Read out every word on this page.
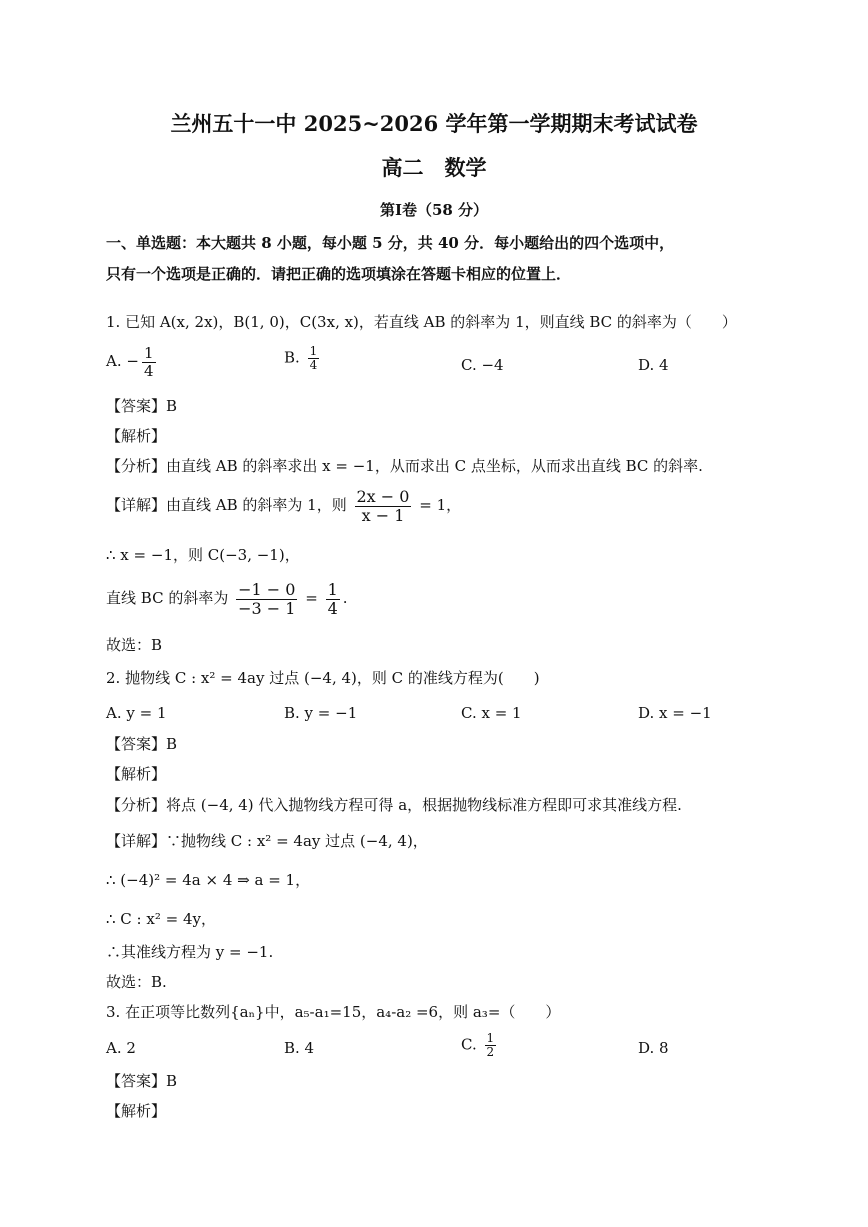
兰州五十一中 2025~2026 学年第一学期期末考试试卷
高二　数学
第Ⅰ卷（58 分）
一、单选题：本大题共 8 小题，每小题 5 分，共 40 分．每小题给出的四个选项中，
只有一个选项是正确的．请把正确的选项填涂在答题卡相应的位置上．
1. 已知 A(x, 2x)，B(1, 0)，C(3x, x)，若直线 AB 的斜率为 1，则直线 BC 的斜率为（　　）
A. − $\frac{1}{4}$	B. $\frac{1}{4}$	C. −4	D. 4
【答案】B
【解析】
【分析】由直线 AB 的斜率求出 x = −1，从而求出 C 点坐标，从而求出直线 BC 的斜率.
【详解】由直线 AB 的斜率为 1，则 $\frac{2x - 0}{x - 1} = 1$，
∴ x = −1，则 C(−3, −1)，
直线 BC 的斜率为 $\frac{-1 - 0}{-3 - 1} = \frac{1}{4}$ .
故选：B
2. 抛物线 C : x² = 4ay 过点 (−4, 4)，则 C 的准线方程为(　　)
A. y = 1	B. y = −1	C. x = 1	D. x = −1
【答案】B
【解析】
【分析】将点 (−4, 4) 代入抛物线方程可得 a，根据抛物线标准方程即可求其准线方程.
【详解】∵抛物线 C : x² = 4ay 过点 (−4, 4)，
∴ (−4)² = 4a × 4 ⇒ a = 1，
∴ C : x² = 4y，
∴其准线方程为 y = −1.
故选：B.
3. 在正项等比数列{aₙ}中，a₅-a₁=15，a₄-a₂ =6，则 a₃=（　　）
A. 2	B. 4	C. $\frac{1}{2}$	D. 8
【答案】B
【解析】
